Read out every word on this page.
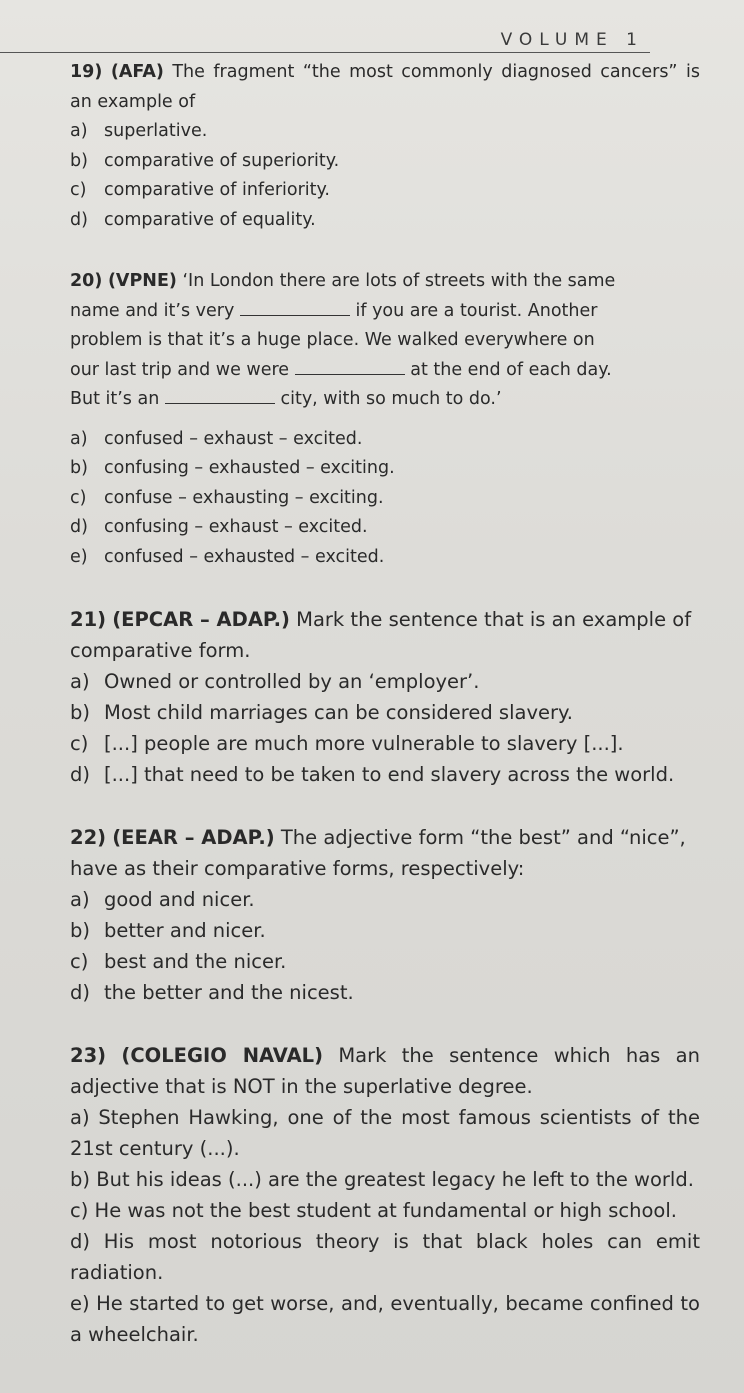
VOLUME 1

19) (AFA) The fragment “the most commonly diagnosed cancers” is an example of

a) superlative.
b) comparative of superiority.
c)	comparative of inferiority.
d) comparative of equality.

20) (VPNE) ‘In London there are lots of streets with the same
name and it’s very	if you are a tourist. Another
problem is that it’s a huge place. We walked everywhere on
our last trip and we were	at the end of each day.
But it’s an	city, with so much to do.’

a) confused – exhaust – excited.
b) confusing – exhausted – exciting.
c)	confuse – exhausting – exciting.
d) confusing – exhaust – excited.
e) confused – exhausted – excited.

21) (EPCAR – ADAP.) Mark the sentence that is an example of comparative form.

a) Owned or controlled by an ‘employer’.
b) Most child marriages can be considered slavery.
c) [...] people are much more vulnerable to slavery [...].
d) [...] that need to be taken to end slavery across the world.

22) (EEAR – ADAP.) The adjective form “the best” and “nice”, have as their comparative forms, respectively:

a) good and nicer.
b) better and nicer.
c) best and the nicer.
d) the better and the nicest.

23) (COLEGIO NAVAL) Mark the sentence which has an adjective that is NOT in the superlative degree.

a) Stephen Hawking, one of the most famous scientists of the 21st century (...).
b) But his ideas (...) are the greatest legacy he left to the world.
c) He was not the best student at fundamental or high school.
d) His most notorious theory is that black holes can emit radiation.
e) He started to get worse, and, eventually, became confined to a wheelchair.
